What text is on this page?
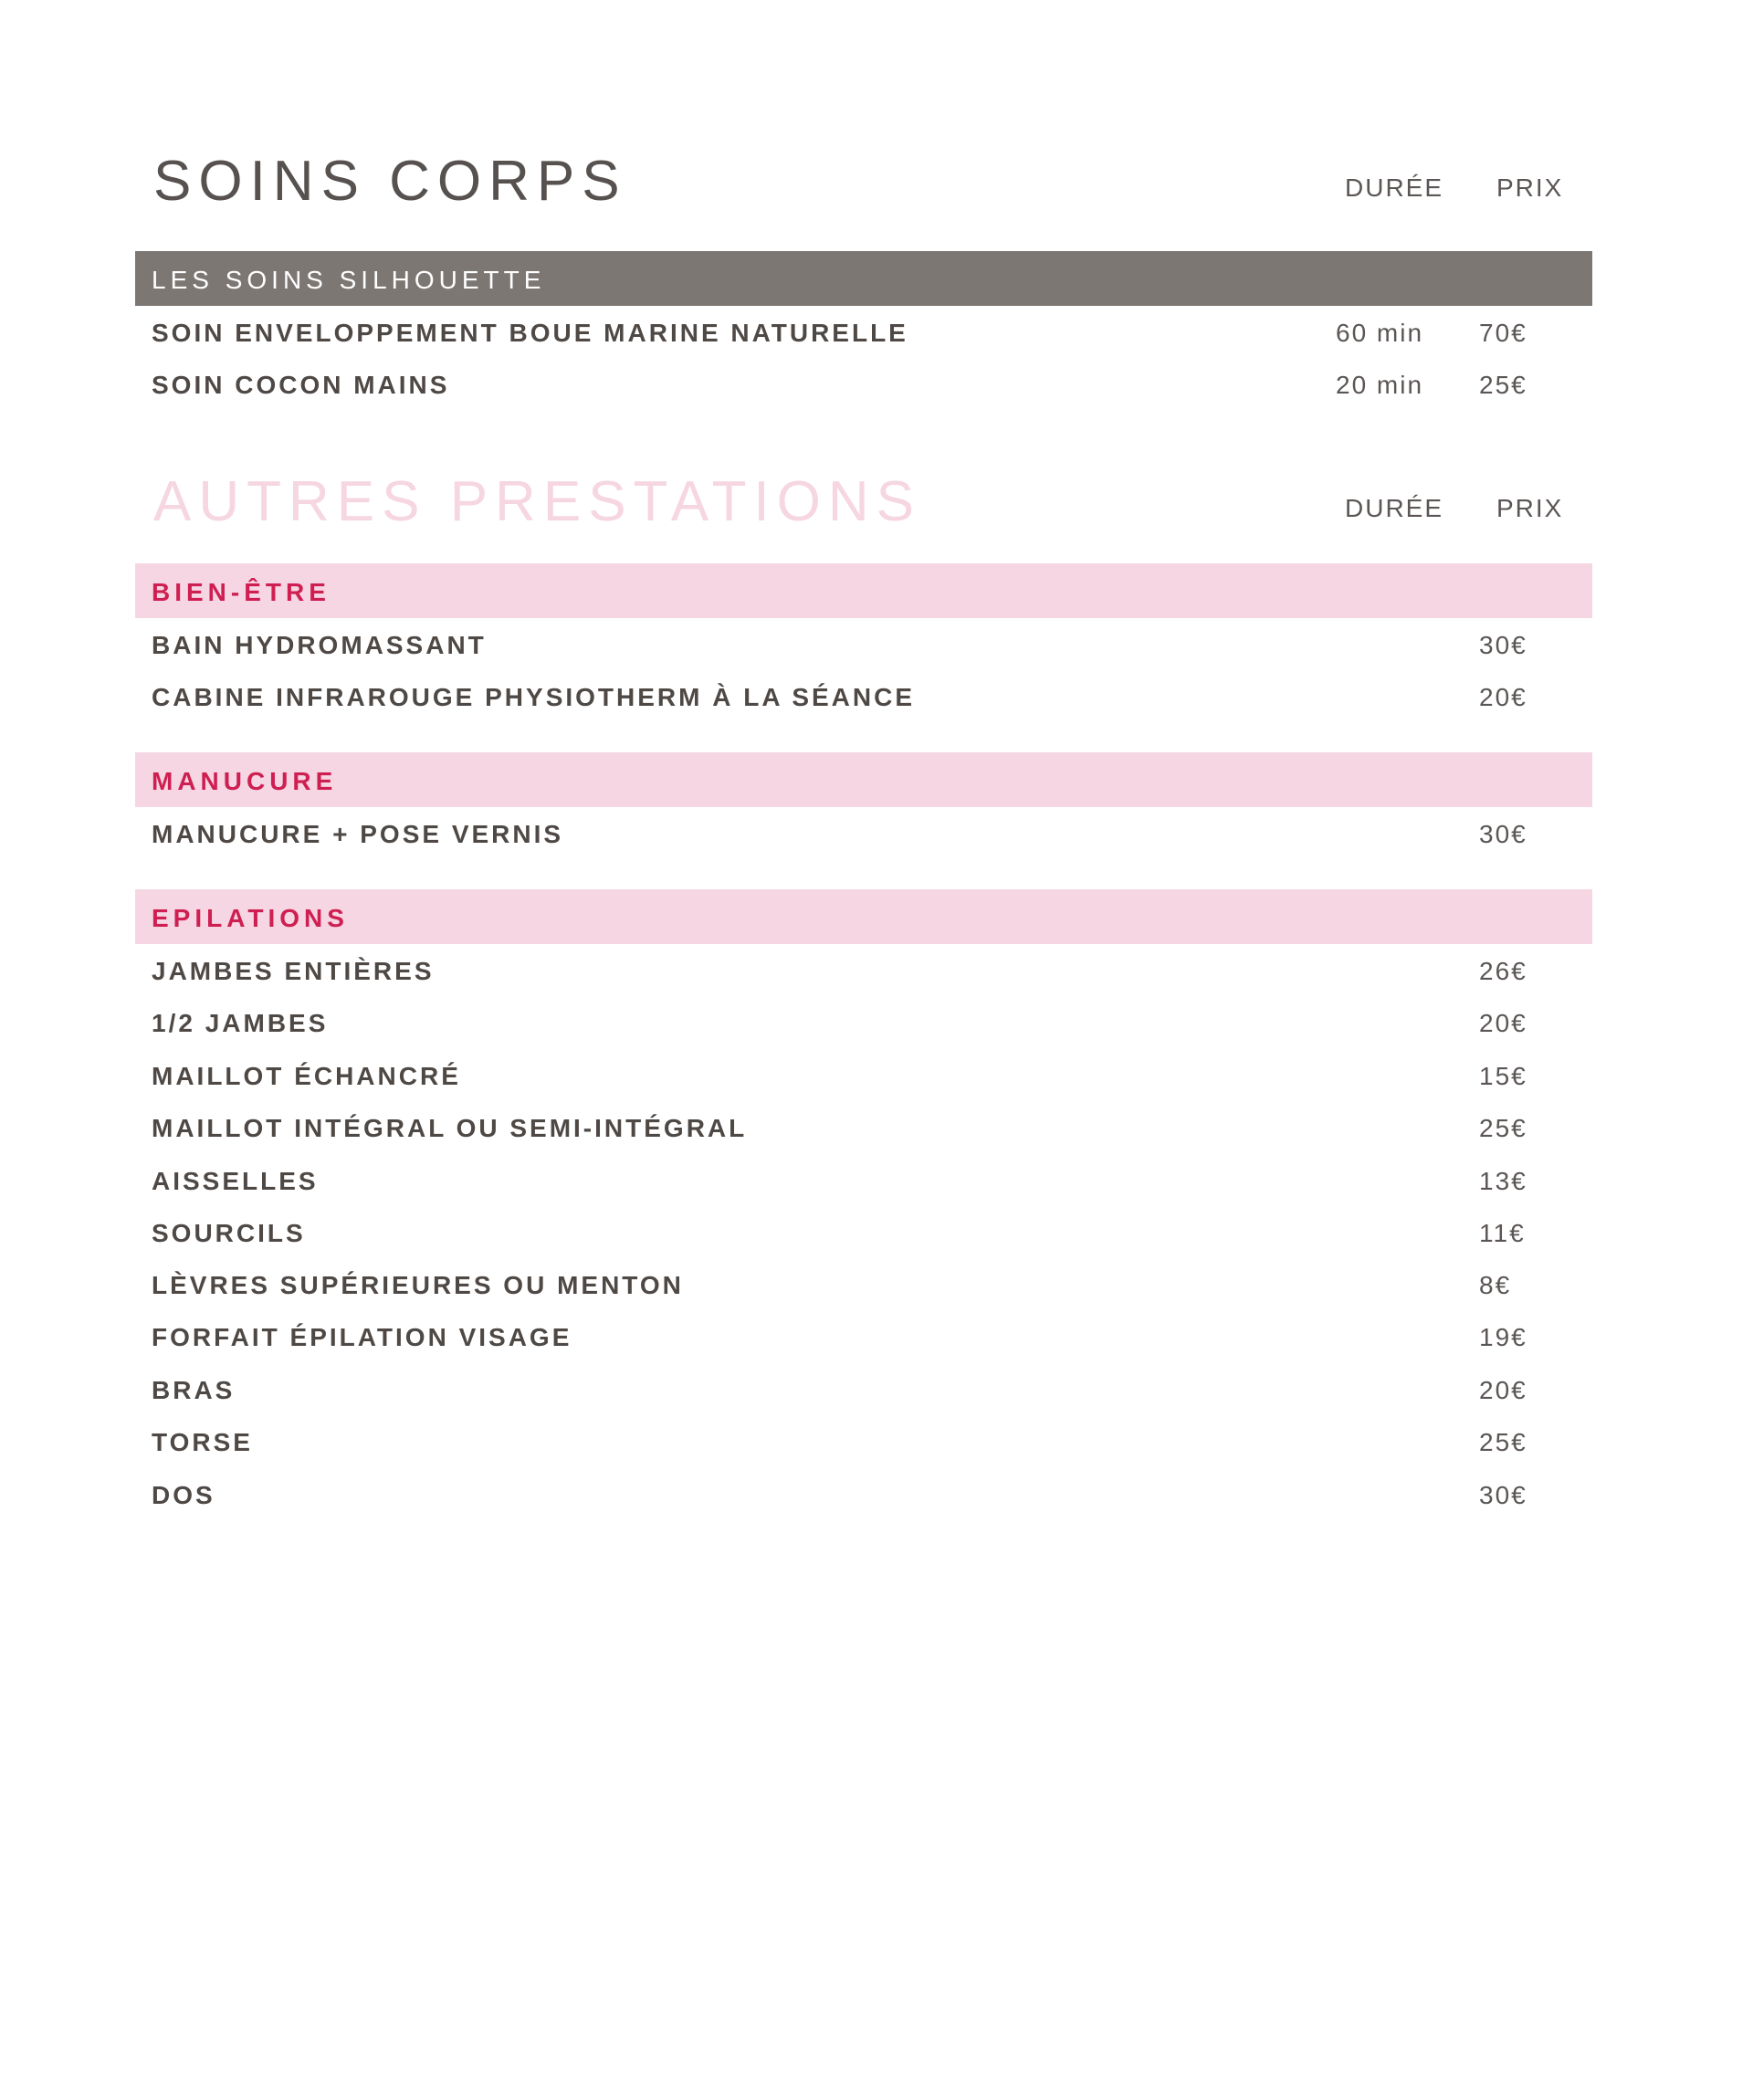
SOINS CORPS	DURÉE PRIX
LES SOINS SILHOUETTE
SOIN ENVELOPPEMENT BOUE MARINE NATURELLE	60 min	70€
SOIN COCON MAINS	20 min	25€
AUTRES PRESTATIONS	DURÉE PRIX
BIEN-ÊTRE
BAIN HYDROMASSANT	30€
CABINE INFRAROUGE PHYSIOTHERM À LA SÉANCE	20€
MANUCURE
MANUCURE + POSE VERNIS	30€
EPILATIONS
JAMBES ENTIÈRES	26€
1/2 JAMBES	20€
MAILLOT ÉCHANCRÉ	15€
MAILLOT INTÉGRAL OU SEMI-INTÉGRAL	25€
AISSELLES	13€
SOURCILS	11€
LÈVRES SUPÉRIEURES OU MENTON	8€
FORFAIT ÉPILATION VISAGE	19€
BRAS	20€
TORSE	25€
DOS	30€
